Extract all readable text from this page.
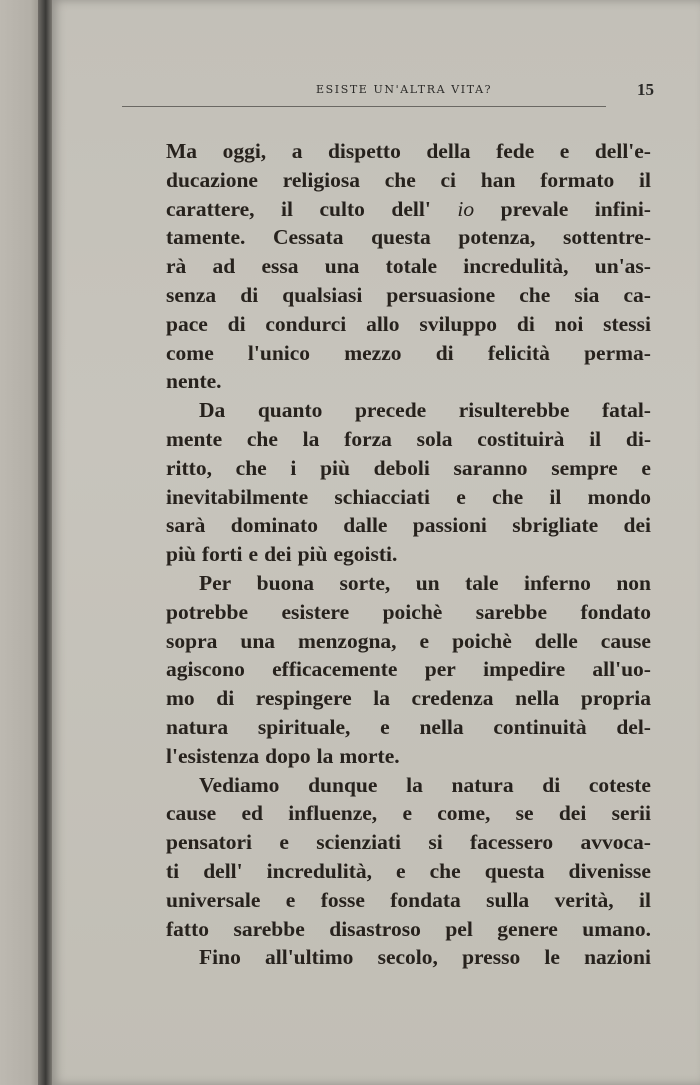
ESISTE UN'ALTRA VITA?	15
Ma oggi, a dispetto della fede e dell'e-
ducazione religiosa che ci han formato il
carattere, il culto dell' io prevale infini-
tamente. Cessata questa potenza, sottentre-
rà ad essa una totale incredulità, un'as-
senza di qualsiasi persuasione che sia ca-
pace di condurci allo sviluppo di noi stessi
come l'unico mezzo di felicità perma-
nente.
Da quanto precede risulterebbe fatal-
mente che la forza sola costituirà il di-
ritto, che i più deboli saranno sempre e
inevitabilmente schiacciati e che il mondo
sarà dominato dalle passioni sbrigliate dei
più forti e dei più egoisti.
Per buona sorte, un tale inferno non
potrebbe esistere poichè sarebbe fondato
sopra una menzogna, e poichè delle cause
agiscono efficacemente per impedire all'uo-
mo di respingere la credenza nella propria
natura spirituale, e nella continuità del-
l'esistenza dopo la morte.
Vediamo dunque la natura di coteste
cause ed influenze, e come, se dei serii
pensatori e scienziati si facessero avvoca-
ti dell' incredulità, e che questa divenisse
universale e fosse fondata sulla verità, il
fatto sarebbe disastroso pel genere umano.
Fino all'ultimo secolo, presso le nazioni
